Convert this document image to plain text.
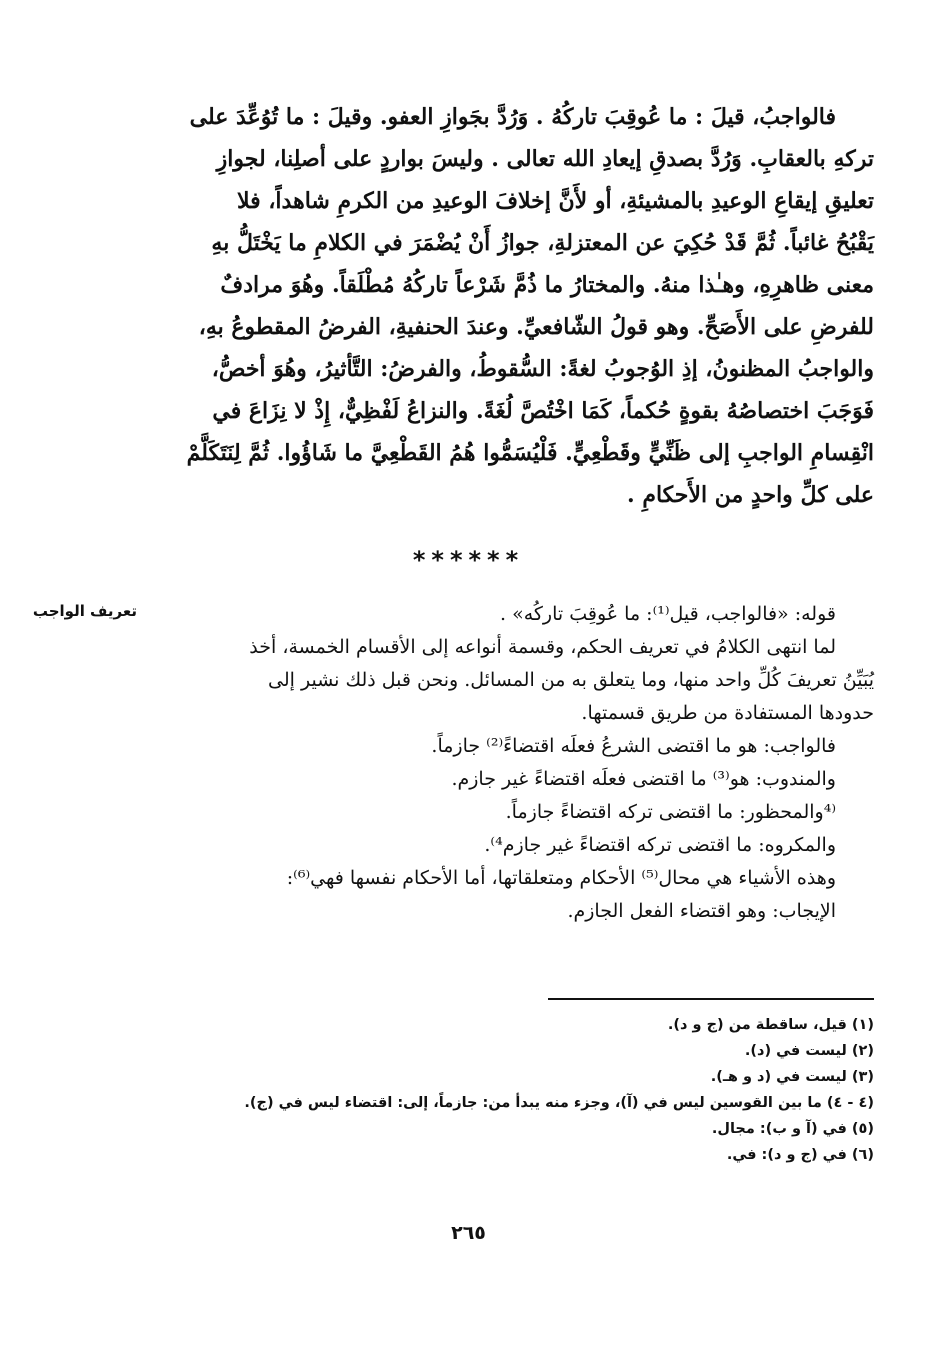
فالواجبُ، قيلَ : ما عُوقِبَ تاركُهُ . وَرُدَّ بجَوازِ العفو. وقيلَ : ما تُوُعِّدَ على
تركهِ بالعقابِ. وَرُدَّ بصدقِ إيعادِ الله تعالى . وليسَ بواردٍ على أصلِنا، لجوازِ
تعليقِ إيقاعِ الوعيدِ بالمشيئةِ، أو لأَنَّ إخلافَ الوعيدِ من الكرمِ شاهداً، فلا
يَقْبُحُ غائباً. ثُمَّ قَدْ حُكِيَ عن المعتزلةِ، جوازُ أَنْ يُضْمَرَ في الكلامِ ما يَخْتَلُّ بهِ
معنى ظاهرِهِ، وهـٰذا منهُ. والمختارُ ما ذُمَّ شَرْعاً تاركُهُ مُطْلَقاً. وهُوَ مرادفٌ
للفرضِ على الأَصَحِّ. وهو قولُ الشّافعيِّ. وعندَ الحنفيةِ، الفرضُ المقطوعُ بهِ،
والواجبُ المظنونُ، إذِ الوُجوبُ لغةً: السُّقوطُ، والفرضُ: التَّأثيرُ، وهُوَ أخصُّ،
فَوَجَبَ اختصاصُهُ بقوةٍ حُكماً، كَمَا اخْتُصَّ لُغَةً. والنزاعُ لَفْظِيٌّ، إِذْ لا نِزَاعَ في
انْقِسامِ الواجبِ إلى ظَنِّيٍّ وقَطْعِيٍّ. فَلْيُسَمُّوا هُمُ القَطْعِيَّ ما شَاؤُوا. ثُمَّ لِنَتَكَلَّمْ
على كلِّ واحدٍ من الأَحكامِ .
******
تعريف الواجب	قوله: «فالواجب، قيل⁽¹⁾: ما عُوقِبَ تاركُه» .
لما انتهى الكلامُ في تعريف الحكم، وقسمة أنواعه إلى الأقسام الخمسة، أخذ
يُبَيِّنُ تعريفَ كُلِّ واحد منها، وما يتعلق به من المسائل. ونحن قبل ذلك نشير إلى
حدودها المستفادة من طريق قسمتها.
فالواجب: هو ما اقتضى الشرعُ فعلَه اقتضاءً⁽²⁾ جازماً.
والمندوب: هو⁽³⁾ ما اقتضى فعلَه اقتضاءً غير جازم.
⁽⁴والمحظور: ما اقتضى تركه اقتضاءً جازماً.
والمكروه: ما اقتضى تركه اقتضاءً غير جازم⁴⁾.
وهذه الأشياء هي محال⁽⁵⁾ الأحكام ومتعلقاتها، أما الأحكام نفسها فهي⁽⁶⁾:
الإيجاب: وهو اقتضاء الفعل الجازم.
(١) قيل، ساقطة من (ج و د).
(٢) ليست في (د).
(٣) ليست في (د و هـ).
(٤ - ٤) ما بين القوسين ليس في (آ)، وجزء منه يبدأ من: جازماً، إلى: اقتضاء ليس في (ج).
(٥) في (آ و ب): مجال.
(٦) في (ج و د): في.
٢٦٥
